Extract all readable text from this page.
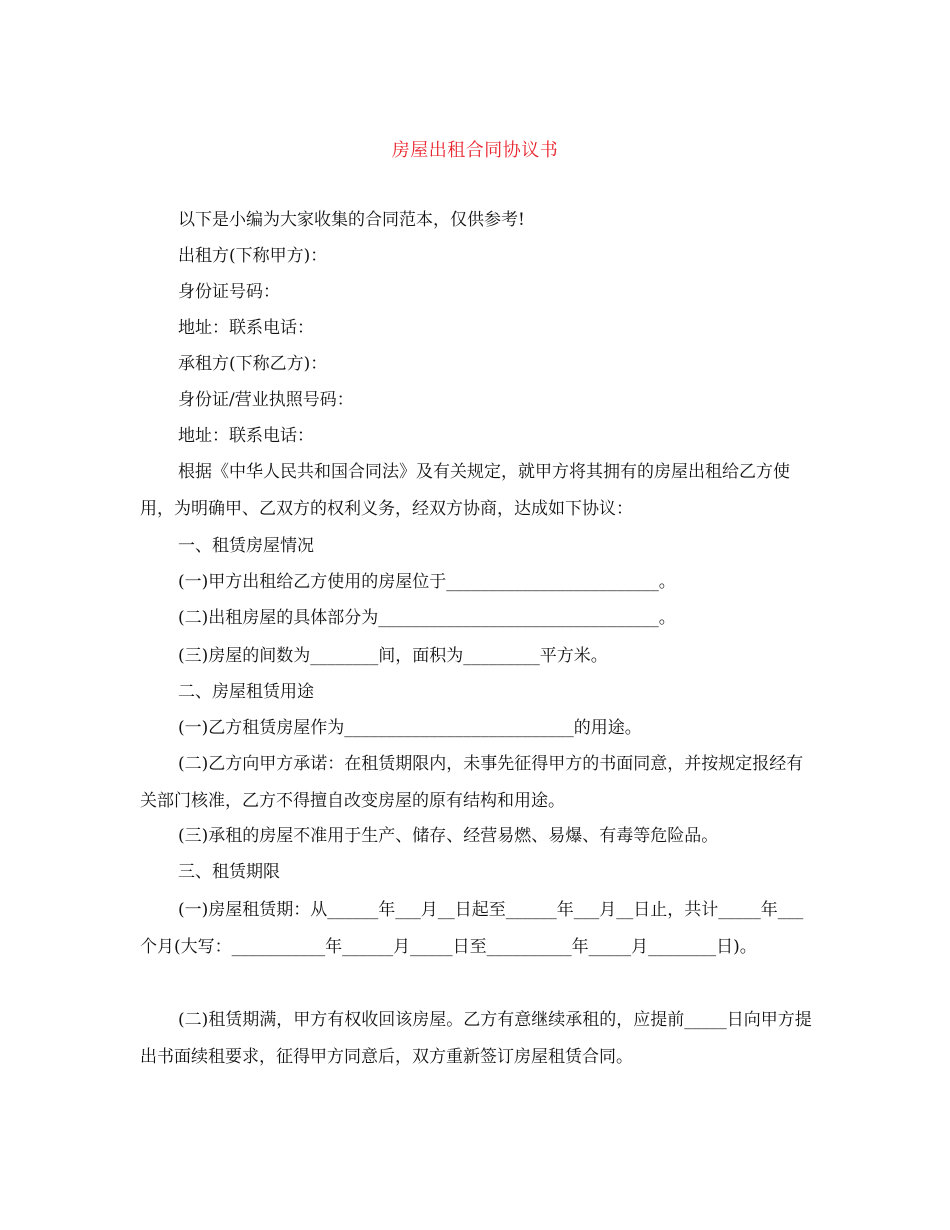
房屋出租合同协议书

以下是小编为大家收集的合同范本，仅供参考!

出租方(下称甲方)：

身份证号码：

地址：联系电话：

承租方(下称乙方)：

身份证/营业执照号码：

地址：联系电话：

根据《中华人民共和国合同法》及有关规定，就甲方将其拥有的房屋出租给乙方使用，为明确甲、乙双方的权利义务，经双方协商，达成如下协议：

一、租赁房屋情况

(一)甲方出租给乙方使用的房屋位于_________________________。

(二)出租房屋的具体部分为_________________________________。

(三)房屋的间数为________间，面积为_________平方米。

二、房屋租赁用途

(一)乙方租赁房屋作为___________________________的用途。

(二)乙方向甲方承诺：在租赁期限内，未事先征得甲方的书面同意，并按规定报经有关部门核准，乙方不得擅自改变房屋的原有结构和用途。

(三)承租的房屋不准用于生产、储存、经营易燃、易爆、有毒等危险品。

三、租赁期限

(一)房屋租赁期：从______年___月__日起至______年___月__日止，共计_____年___个月(大写：___________年______月_____日至__________年_____月________日)。

(二)租赁期满，甲方有权收回该房屋。乙方有意继续承租的，应提前_____日向甲方提出书面续租要求，征得甲方同意后，双方重新签订房屋租赁合同。
